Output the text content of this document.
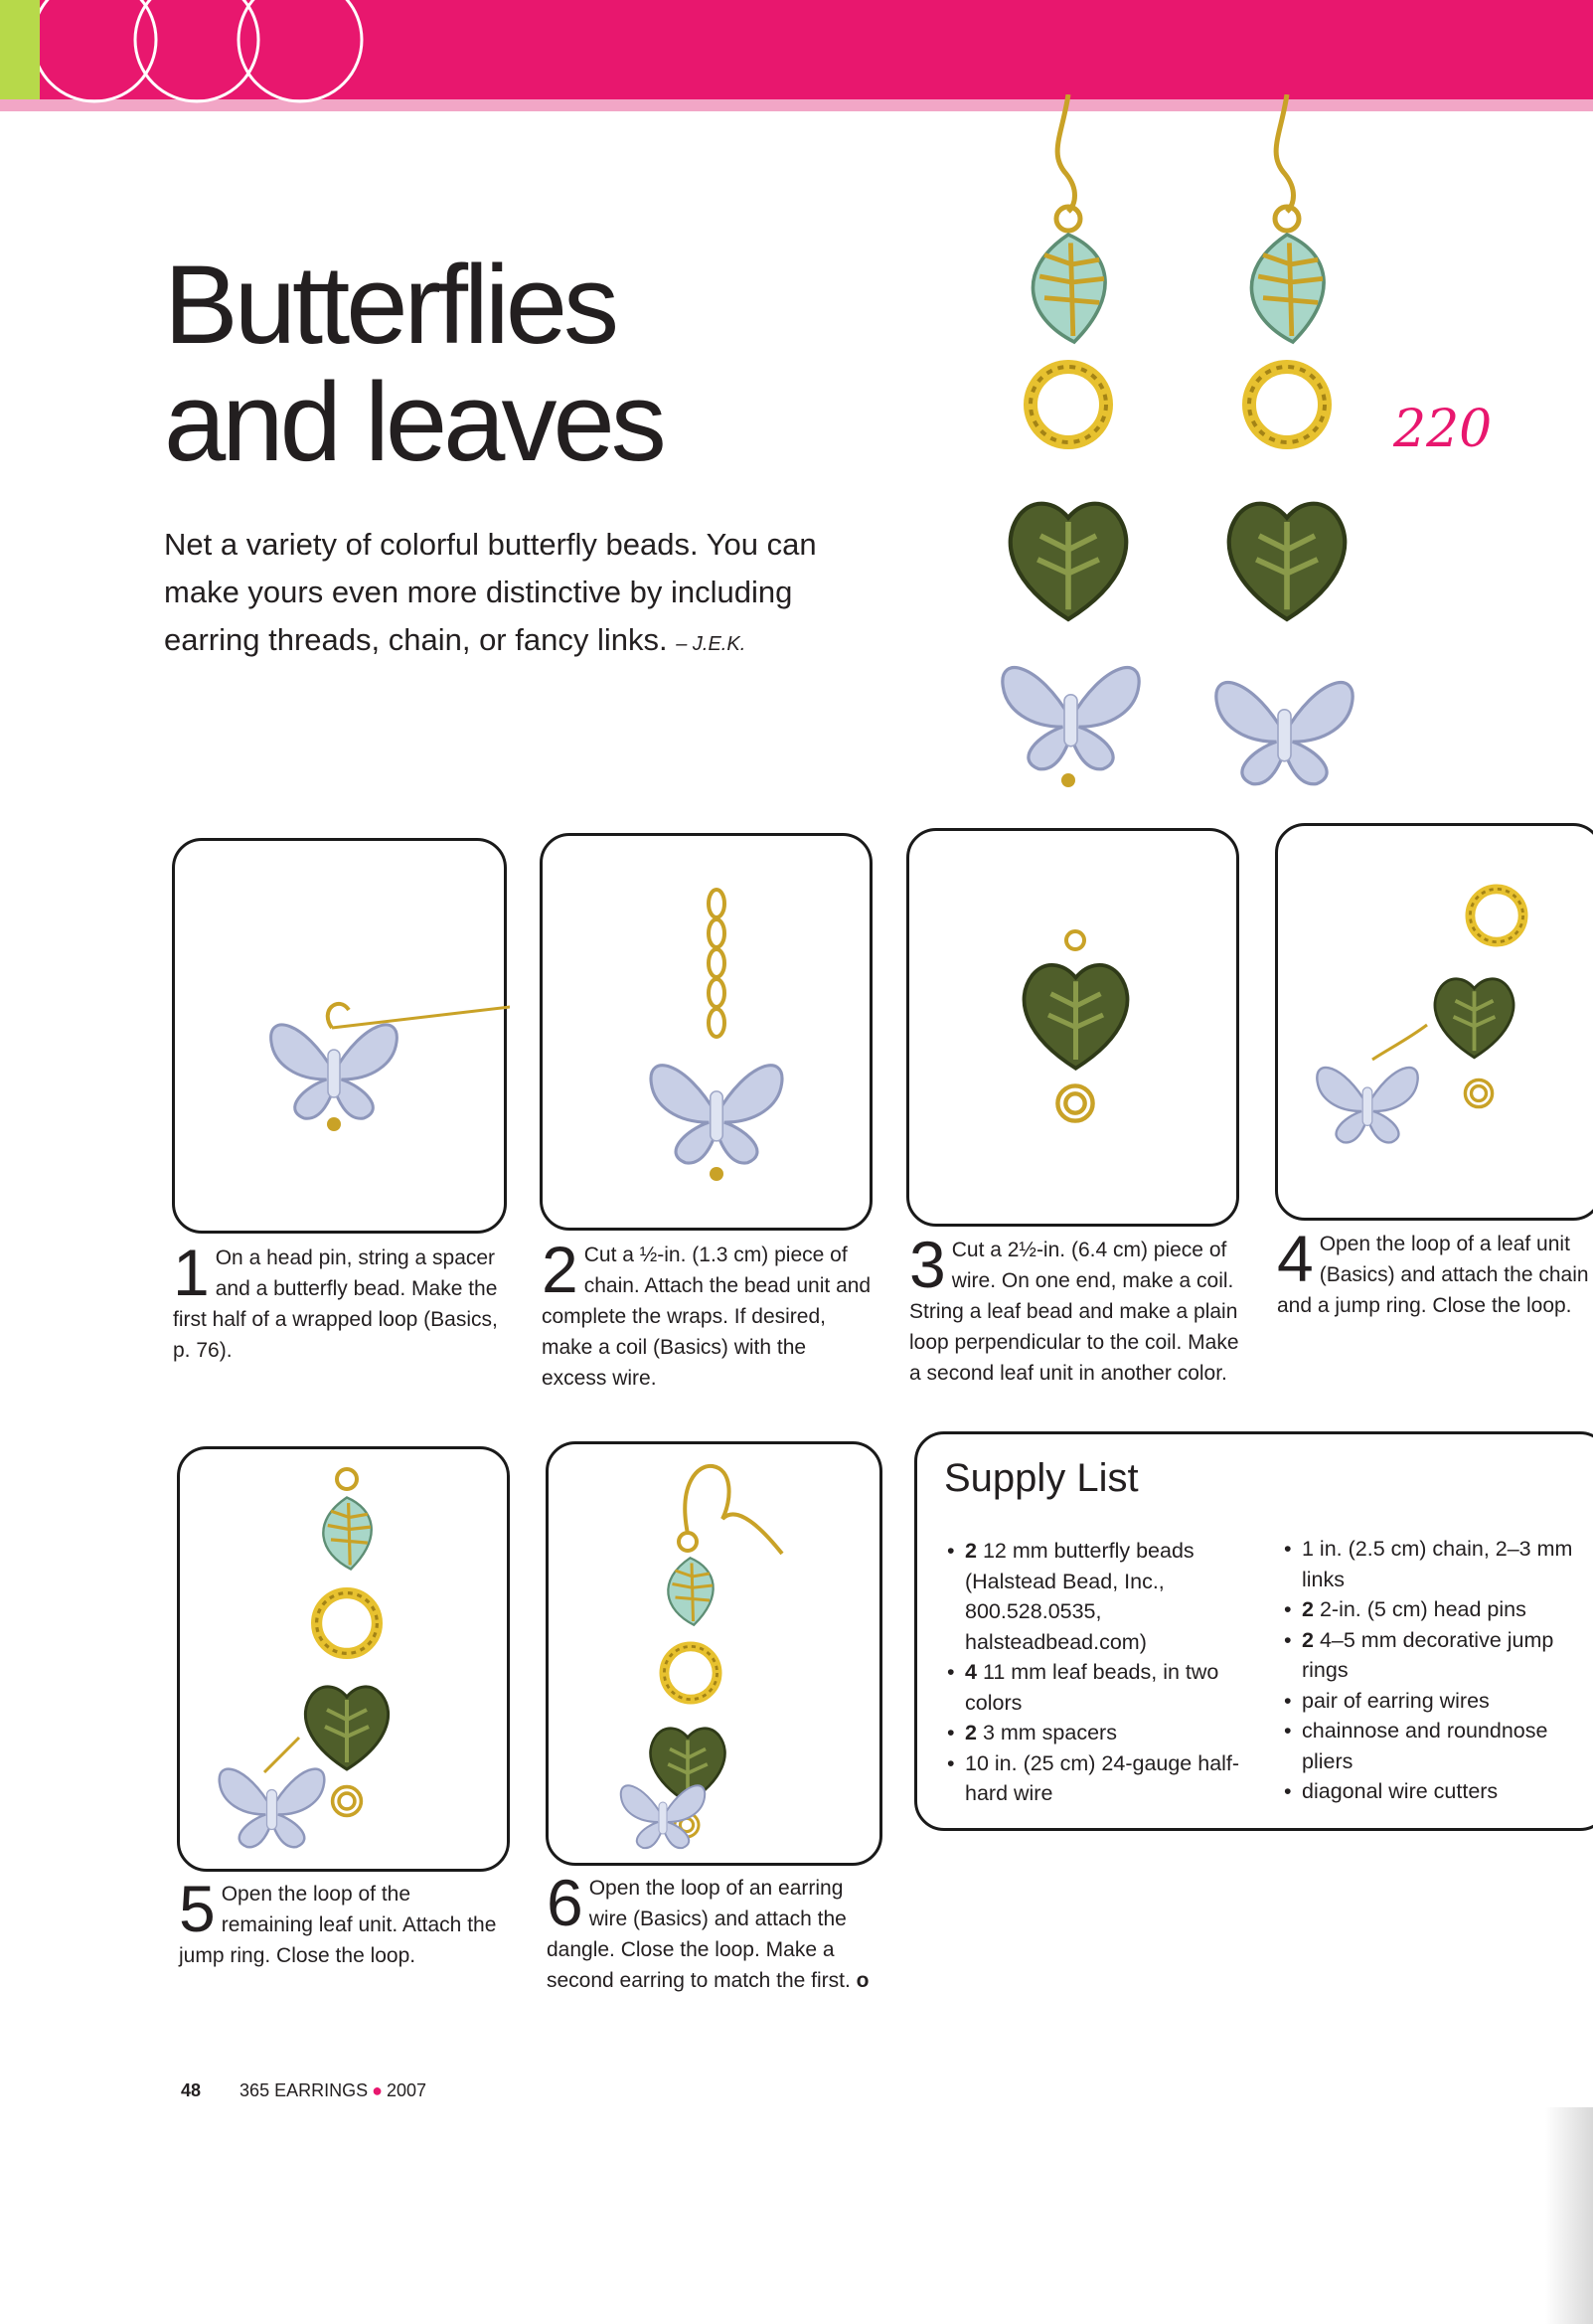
Butterflies
and leaves

Net a variety of colorful butterfly beads. You can make yours even more distinctive by including earring threads, chain, or fancy links. – J.E.K.

220
1 On a head pin, string a spacer and a butterfly bead. Make the first half of a wrapped loop (Basics, p. 76).
2 Cut a ½-in. (1.3 cm) piece of chain. Attach the bead unit and complete the wraps. If desired, make a coil (Basics) with the excess wire.
3 Cut a 2½-in. (6.4 cm) piece of wire. On one end, make a coil. String a leaf bead and make a plain loop perpendicular to the coil. Make a second leaf unit in another color.
4 Open the loop of a leaf unit (Basics) and attach the chain and a jump ring. Close the loop.
5 Open the loop of the remaining leaf unit. Attach the jump ring. Close the loop.
6 Open the loop of an earring wire (Basics) and attach the dangle. Close the loop. Make a second earring to match the first. o
Supply List
• 2 12 mm butterfly beads (Halstead Bead, Inc., 800.528.0535, halsteadbead.com)
• 4 11 mm leaf beads, in two colors
• 2 3 mm spacers
• 10 in. (25 cm) 24-gauge half-hard wire
• 1 in. (2.5 cm) chain, 2–3 mm links
• 2 2-in. (5 cm) head pins
• 2 4–5 mm decorative jump rings
• pair of earring wires
• chainnose and roundnose pliers
• diagonal wire cutters
48 365 EARRINGS ● 2007
